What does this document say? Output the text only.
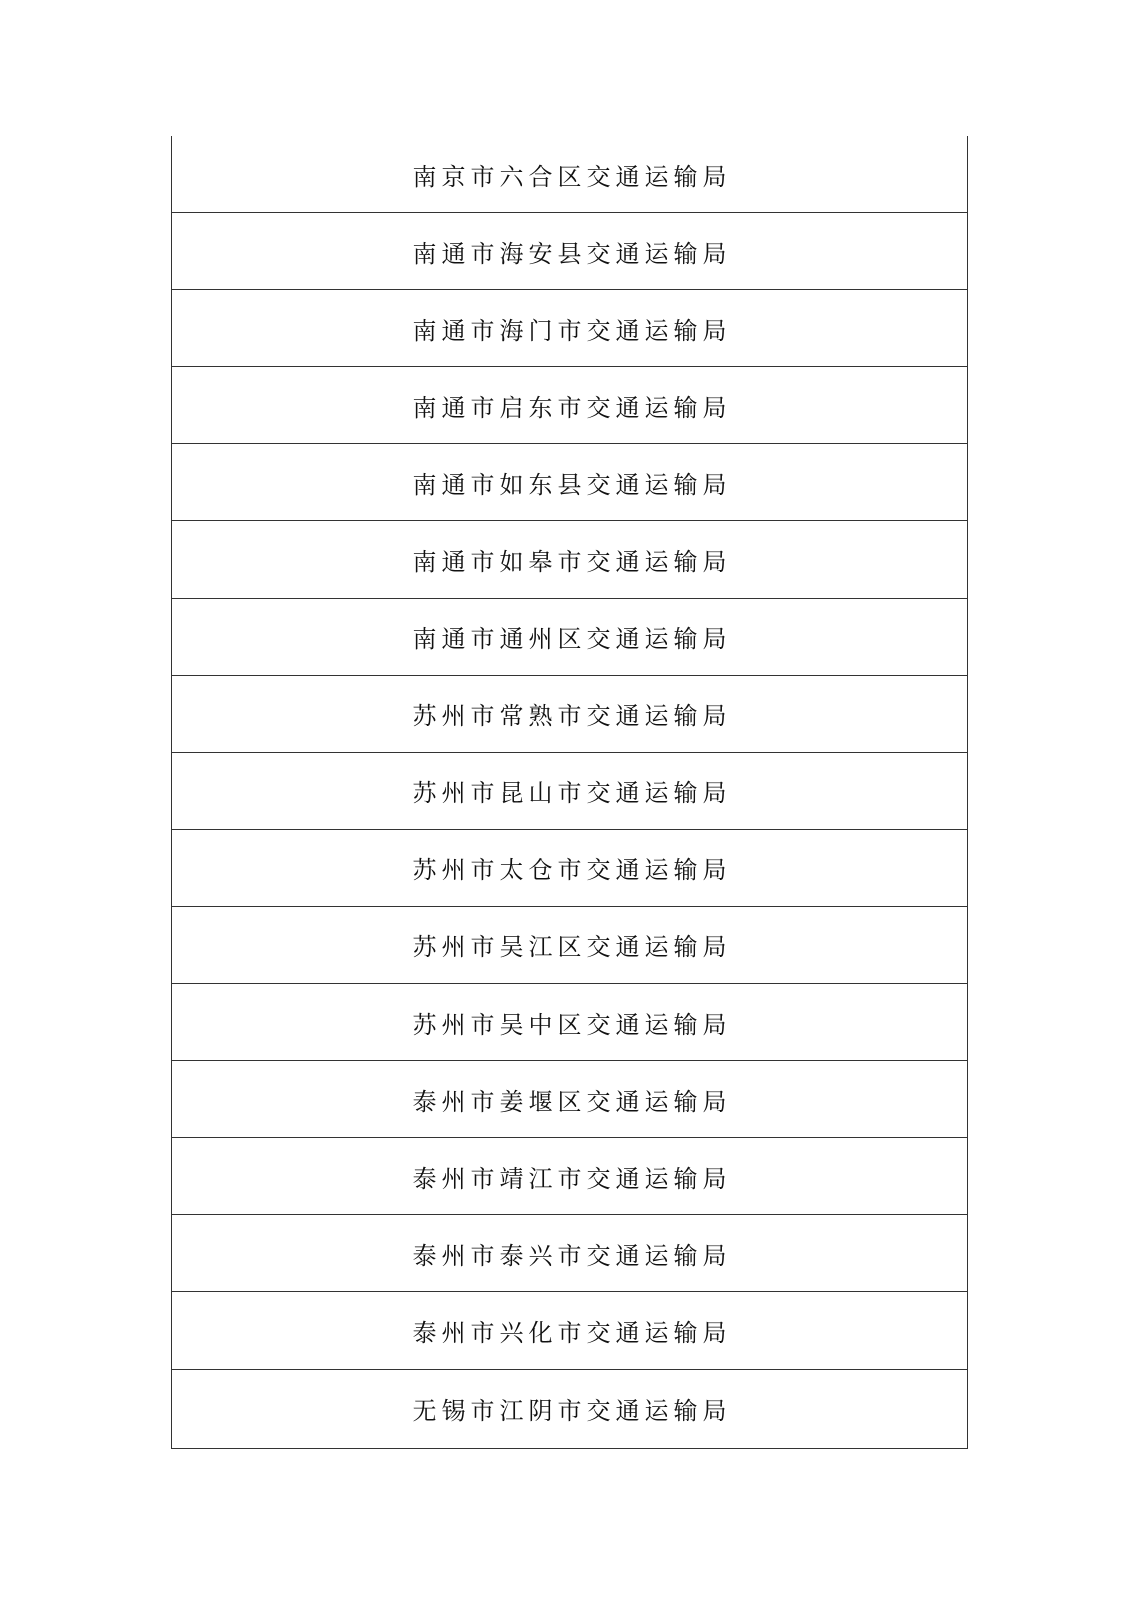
南京市六合区交通运输局
南通市海安县交通运输局
南通市海门市交通运输局
南通市启东市交通运输局
南通市如东县交通运输局
南通市如皋市交通运输局
南通市通州区交通运输局
苏州市常熟市交通运输局
苏州市昆山市交通运输局
苏州市太仓市交通运输局
苏州市吴江区交通运输局
苏州市吴中区交通运输局
泰州市姜堰区交通运输局
泰州市靖江市交通运输局
泰州市泰兴市交通运输局
泰州市兴化市交通运输局
无锡市江阴市交通运输局
